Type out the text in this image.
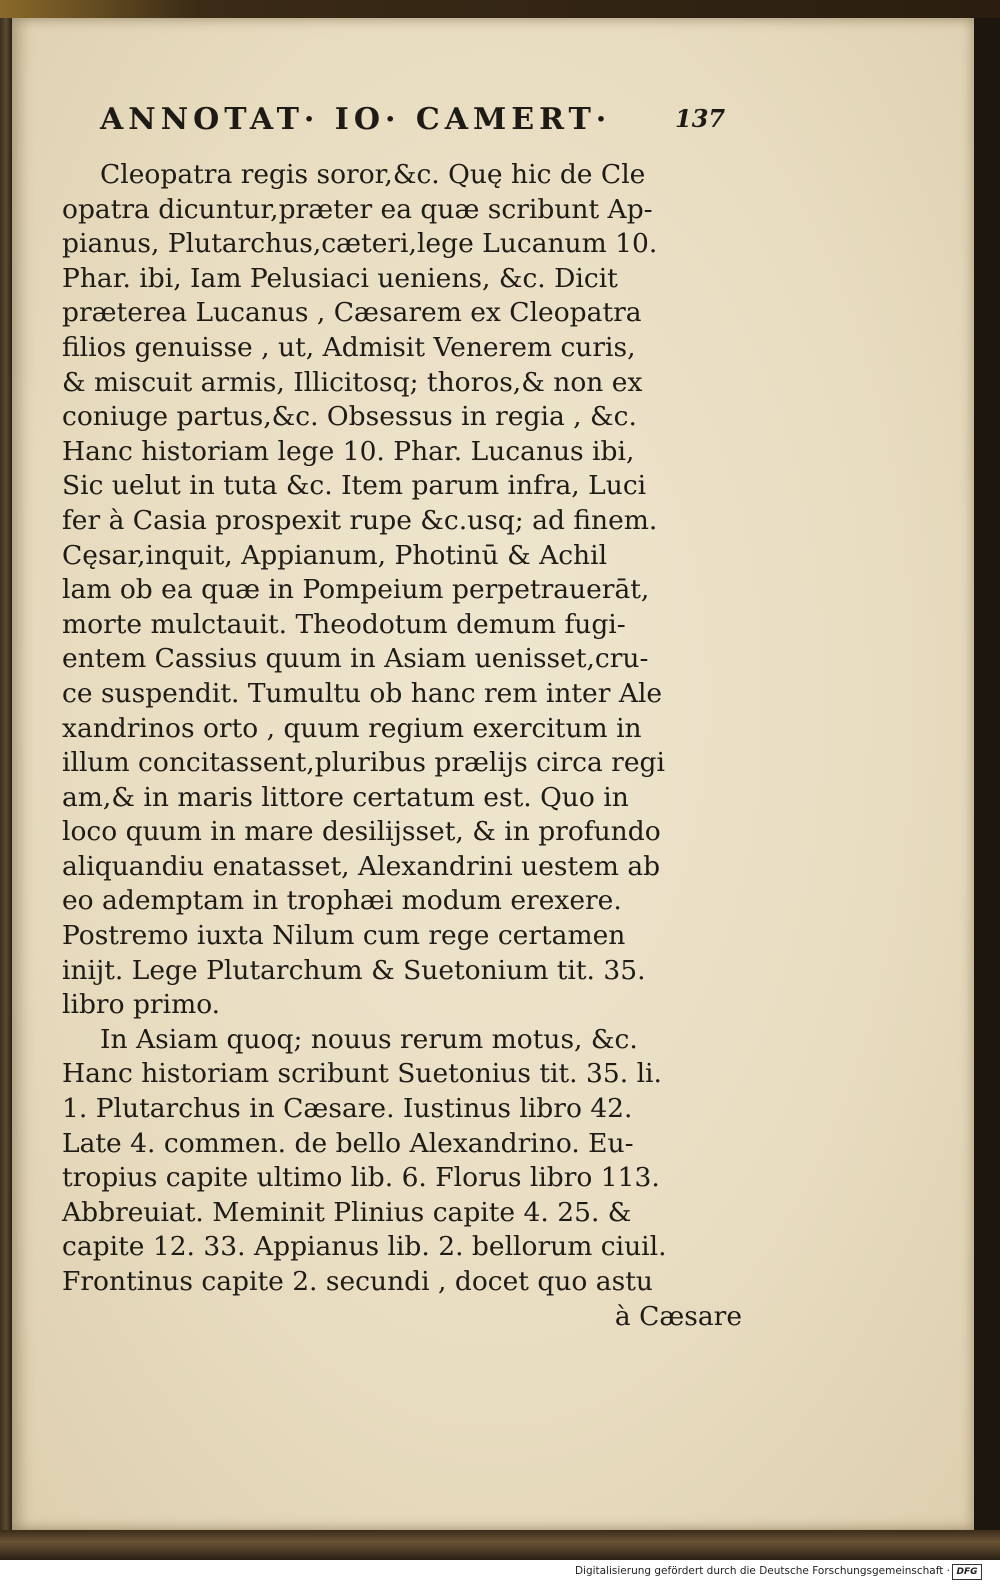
ANNOTAT· IO· CAMERT·	137
Cleopatra regis soror,&c. Quę hic de Cle
opatra dicuntur,præter ea quæ scribunt Ap-
pianus, Plutarchus,cæteri,lege Lucanum 10.
Phar. ibi, Iam Pelusiaci ueniens, &c. Dicit
præterea Lucanus , Cæsarem ex Cleopatra
filios genuisse , ut, Admisit Venerem curis,
& miscuit armis, Illicitosq; thoros,& non ex
coniuge partus,&c. Obsessus in regia , &c.
Hanc historiam lege 10. Phar. Lucanus ibi,
Sic uelut in tuta &c. Item parum infra, Luci
fer à Casia prospexit rupe &c.usq; ad finem.
Cęsar,inquit, Appianum, Photinū & Achil
lam ob ea quæ in Pompeium perpetrauerāt,
morte mulctauit. Theodotum demum fugi-
entem Cassius quum in Asiam uenisset,cru-
ce suspendit. Tumultu ob hanc rem inter Ale
xandrinos orto , quum regium exercitum in
illum concitassent,pluribus prælijs circa regi
am,& in maris littore certatum est. Quo in
loco quum in mare desilijsset, & in profundo
aliquandiu enatasset, Alexandrini uestem ab
eo ademptam in trophæi modum erexere.
Postremo iuxta Nilum cum rege certamen
inijt. Lege Plutarchum & Suetonium tit. 35.
libro primo.
In Asiam quoq; nouus rerum motus, &c.
Hanc historiam scribunt Suetonius tit. 35. li.
1. Plutarchus in Cæsare. Iustinus libro 42.
Late 4. commen. de bello Alexandrino. Eu-
tropius capite ultimo lib. 6. Florus libro 113.
Abbreuiat. Meminit Plinius capite 4. 25. &
capite 12. 33. Appianus lib. 2. bellorum ciuil.
Frontinus capite 2. secundi , docet quo astu
à Cæsare
Digitalisierung gefördert durch die Deutsche Forschungsgemeinschaft · DFG
